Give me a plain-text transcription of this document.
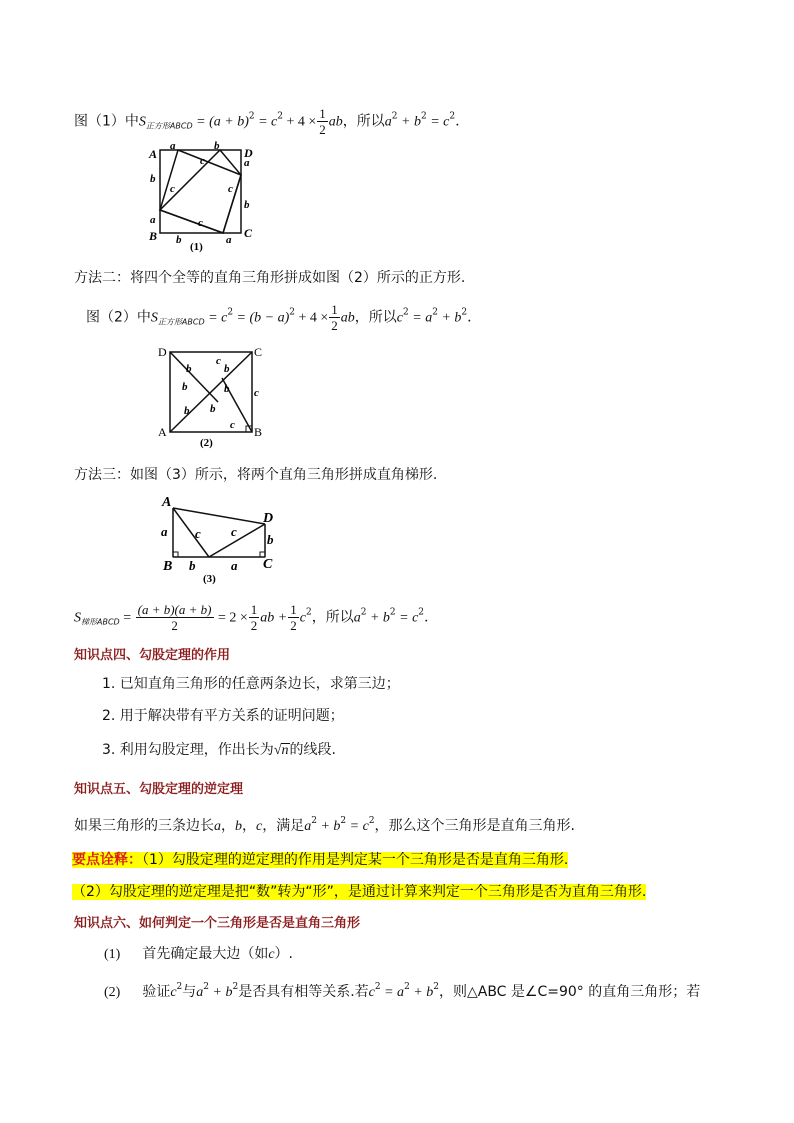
图（1）中$S_{正方形ABCD} = (a + b)^2 = c^2 + 4 \times \frac{1}{2}$ ab，所以$a^2 + b^2 = c^2$.
A	D
B	C
a	b
b
a
a
b
b	a
c
c	c
c
(1)
方法二：将四个全等的直角三角形拼成如图（2）所示的正方形.
图（2）中$S_{正方形ABCD} = c^2 = (b - a)^2 + 4 \times \frac{1}{2}$ ab，所以$c^2 = a^2 + b^2$.
D	C
A	B
b	b
b	b
b b
c
c
c
(2)
方法三：如图（3）所示，将两个直角三角形拼成直角梯形.
A
D
B	C
a c c
b	a
b
(3)
$S_{梯形ABCD} = \frac{(a + b)(a + b)}{2} = 2 \times \frac{1}{2}$ ab + $\frac{1}{2} c^2$，所以$a^2 + b^2 = c^2$.
知识点四、勾股定理的作用
1. 已知直角三角形的任意两条边长，求第三边；
2. 用于解决带有平方关系的证明问题；
3. 利用勾股定理，作出长为√n的线段.
知识点五、勾股定理的逆定理
如果三角形的三条边长a，b，c，满足$a^2 + b^2 = c^2$，那么这个三角形是直角三角形.
要点诠释：（1）勾股定理的逆定理的作用是判定某一个三角形是否是直角三角形.
（2）勾股定理的逆定理是把“数”转为“形”，是通过计算来判定一个三角形是否为直角三角形.
知识点六、如何判定一个三角形是否是直角三角形
(1) 首先确定最大边（如c）.
(2) 验证$c^2$与$a^2 + b^2$是否具有相等关系.若$c^2 = a^2 + b^2$，则△ABC 是∠C=90° 的直角三角形；若
